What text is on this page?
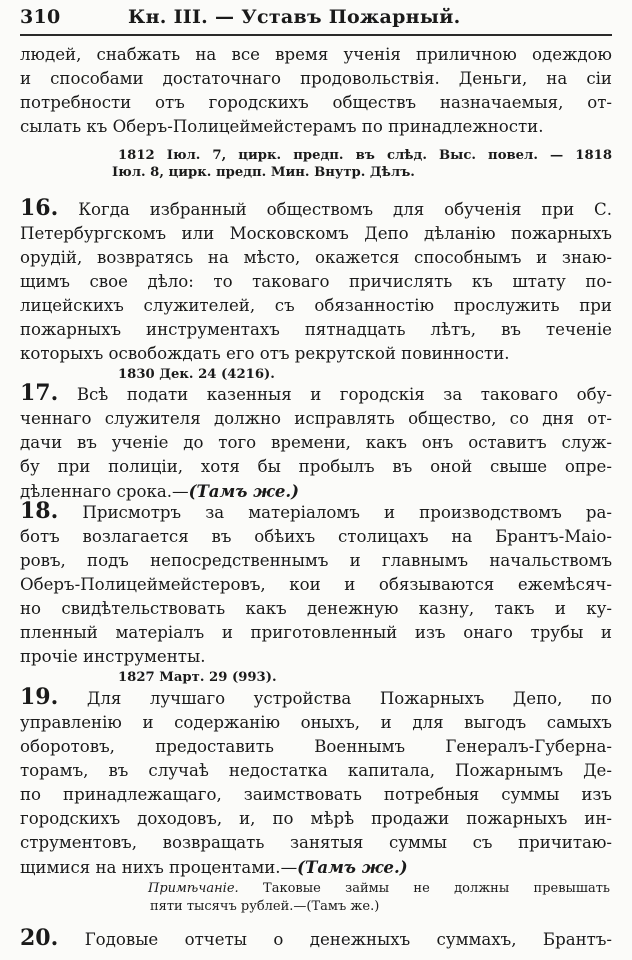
310	Кн. III. — Уставъ Пожарный.
людей, снабжать на все время ученія приличною одеждою
и способами достаточнаго продовольствія. Деньги, на сіи
потребности отъ городскихъ обществъ назначаемыя, от-
сылать къ Оберъ-Полицеймейстерамъ по принадлежности.
1812 Іюл. 7, цирк. предп. въ слѣд. Выс. повел. — 1818
Іюл. 8, цирк. предп. Мин. Внутр. Дѣлъ.
16. Когда избранный обществомъ для обученія при С.
Петербургскомъ или Московскомъ Депо дѣланію пожарныхъ
орудій, возвратясь на мѣсто, окажется способнымъ и знаю-
щимъ свое дѣло: то таковаго причислять къ штату по-
лицейскихъ служителей, съ обязанностію прослужить при
пожарныхъ инструментахъ пятнадцать лѣтъ, въ теченіе
которыхъ освобождать его отъ рекрутской повинности.
1830 Дек. 24 (4216).
17. Всѣ подати казенныя и городскія за таковаго обу-
ченнаго служителя должно исправлять общество, со дня от-
дачи въ ученіе до того времени, какъ онъ оставитъ служ-
бу при полиціи, хотя бы пробылъ въ оной свыше опре-
дѣленнаго срока.—(Тамъ же.)
18. Присмотръ за матеріаломъ и производствомъ ра-
ботъ возлагается въ обѣихъ столицахъ на Брантъ-Маіо-
ровъ, подъ непосредственнымъ и главнымъ начальствомъ
Оберъ-Полицеймейстеровъ, кои и обязываются ежемѣсяч-
но свидѣтельствовать какъ денежную казну, такъ и ку-
пленный матеріалъ и приготовленный изъ онаго трубы и
прочіе инструменты.
1827 Март. 29 (993).
19. Для лучшаго устройства Пожарныхъ Депо, по
управленію и содержанію оныхъ, и для выгодъ самыхъ
оборотовъ, предоставить Военнымъ Генералъ-Губерна-
торамъ, въ случаѣ недостатка капитала, Пожарнымъ Де-
по принадлежащаго, заимствовать потребныя суммы изъ
городскихъ доходовъ, и, по мѣрѣ продажи пожарныхъ ин-
струментовъ, возвращать занятыя суммы съ причитаю-
щимися на нихъ процентами.—(Тамъ же.)
Примѣчаніе. Таковые займы не должны превышать
пяти тысячъ рублей.—(Тамъ же.)
20. Годовые отчеты о денежныхъ суммахъ, Брантъ-
